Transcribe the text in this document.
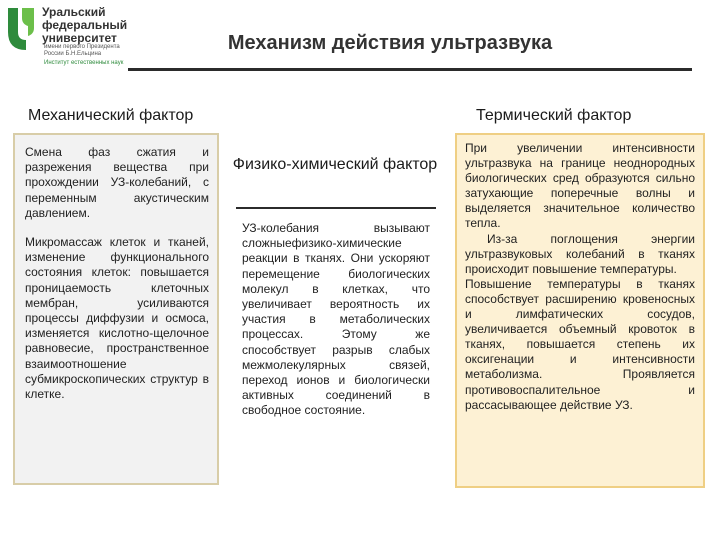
Уральский
федеральный
университет
имени первого Президента России Б.Н.Ельцина
Институт естественных наук
Механизм действия ультразвука
Механический фактор	Термический фактор

Смена фаз сжатия и разрежения вещества при прохождении УЗ-колебаний, с переменным акустическим давлением.

Микромассаж клеток и тканей, изменение функционального состояния клеток: повышается проницаемость клеточных мембран, усиливаются процессы диффузии и осмоса, изменяется кислотно-щелочное равновесие, пространственное взаимоотношение субмикроскопических структур в клетке.

Физико-химический фактор

УЗ-колебания вызывают сложныефизико-химические реакции в тканях. Они ускоряют перемещение биологических молекул в клетках, что увеличивает вероятность их участия в метаболических процессах. Этому же способствует разрыв слабых межмолекулярных связей, переход ионов и биологически активных соединений в свободное состояние.

При увеличении интенсивности ультразвука на границе неоднородных биологических сред образуются сильно затухающие поперечные волны и выделяется значительное количество тепла.

Из-за поглощения энергии ультразвуковых колебаний в тканях происходит повышение температуры.

Повышение температуры в тканях способствует расширению кровеносных и лимфатических сосудов, увеличивается объемный кровоток в тканях, повышается степень их оксигенации и интенсивности метаболизма. Проявляется противовоспалительное и рассасывающее действие УЗ.
